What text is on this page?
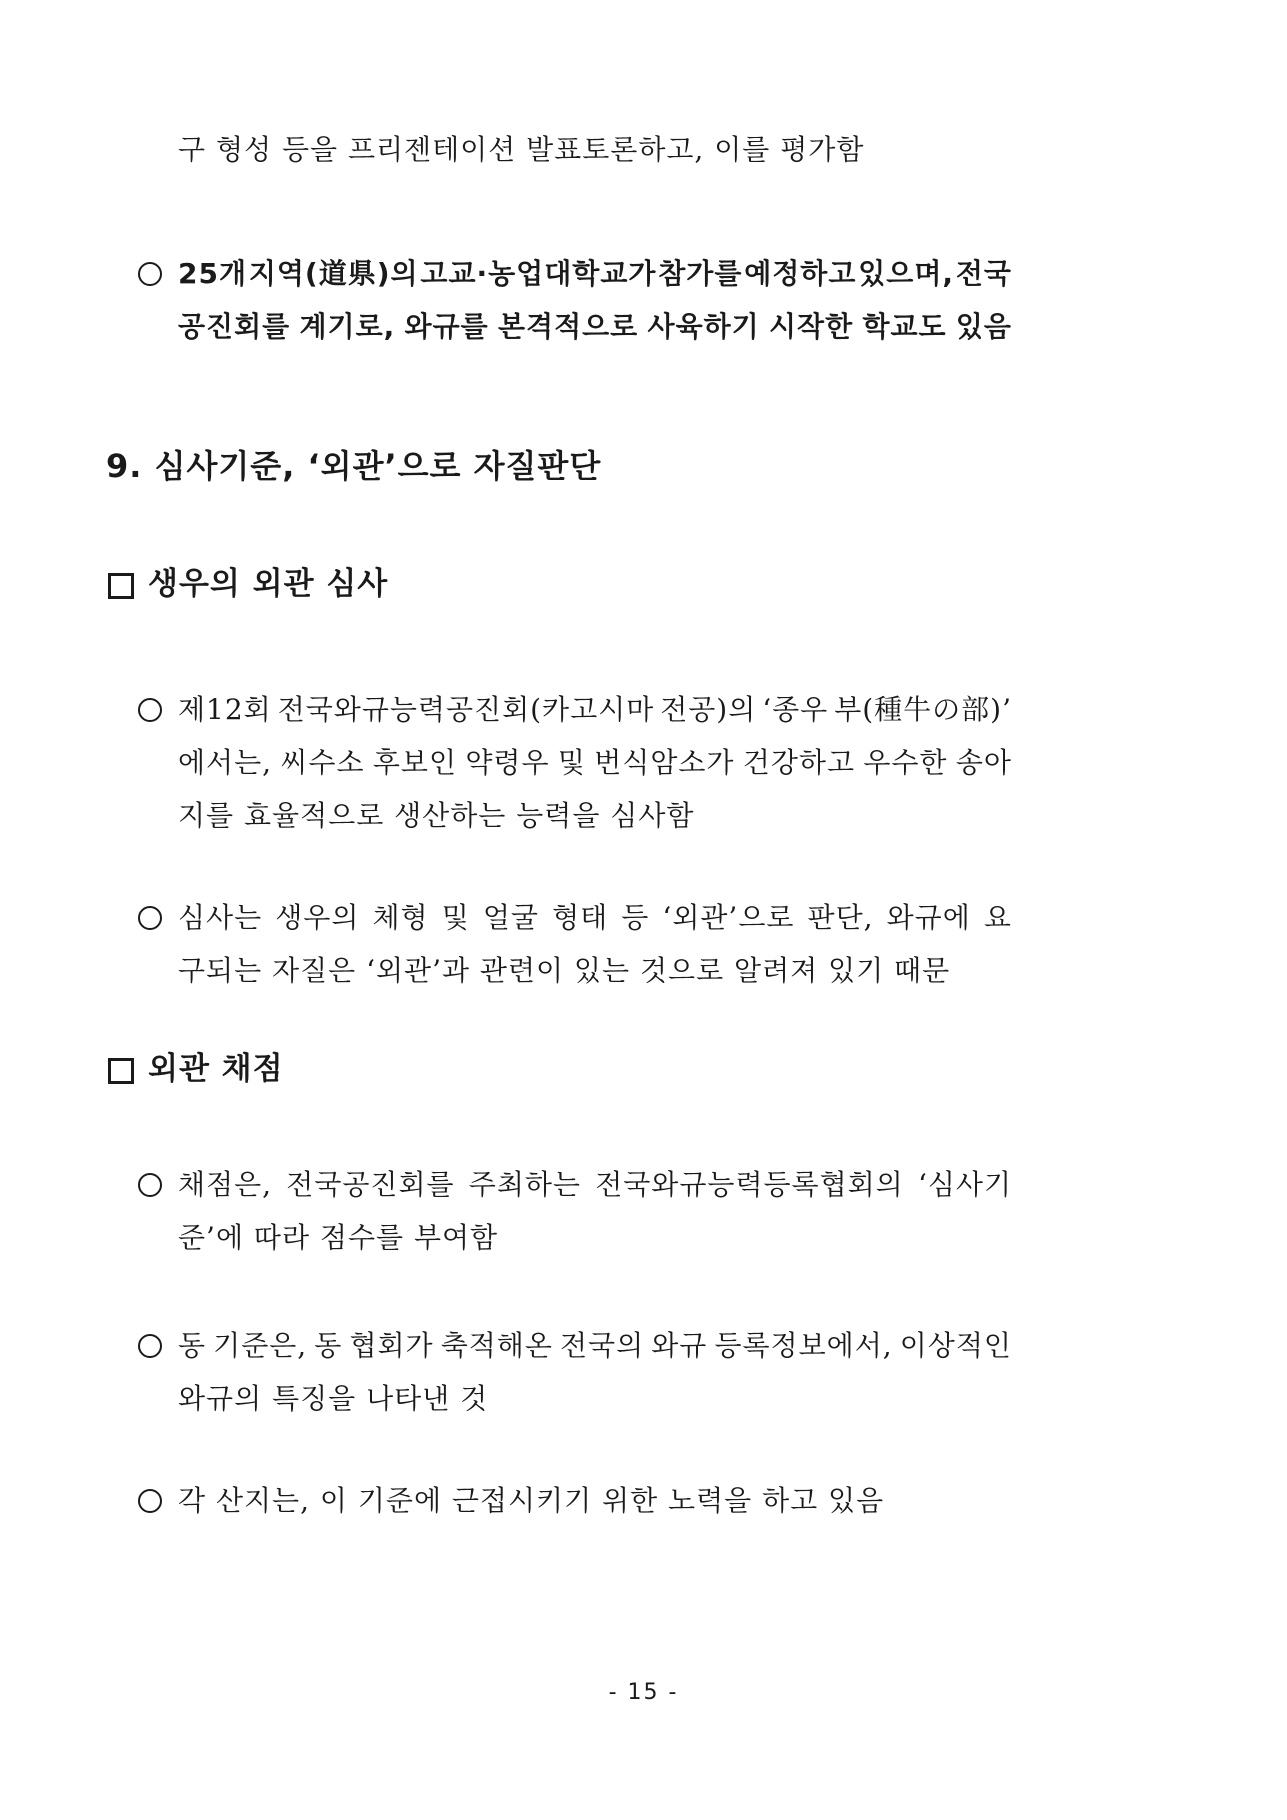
구 형성 등을 프리젠테이션 발표토론하고, 이를 평가함
25개 지역(道県)의 고교·농업대학교가 참가를 예정하고 있으며, 전국
공진회를 계기로, 와규를 본격적으로 사육하기 시작한 학교도 있음
9. 심사기준, ‘외관’으로 자질판단
생우의 외관 심사
제12회 전국와규능력공진회(카고시마 전공)의 ‘종우 부(種牛の部)’
에서는, 씨수소 후보인 약령우 및 번식암소가 건강하고 우수한 송아
지를 효율적으로 생산하는 능력을 심사함
심사는 생우의 체형 및 얼굴 형태 등 ‘외관’으로 판단, 와규에 요
구되는 자질은 ‘외관’과 관련이 있는 것으로 알려져 있기 때문
외관 채점
채점은, 전국공진회를 주최하는 전국와규능력등록협회의 ‘심사기
준’에 따라 점수를 부여함
동 기준은, 동 협회가 축적해온 전국의 와규 등록정보에서, 이상적인
와규의 특징을 나타낸 것
각 산지는, 이 기준에 근접시키기 위한 노력을 하고 있음
- 15 -
